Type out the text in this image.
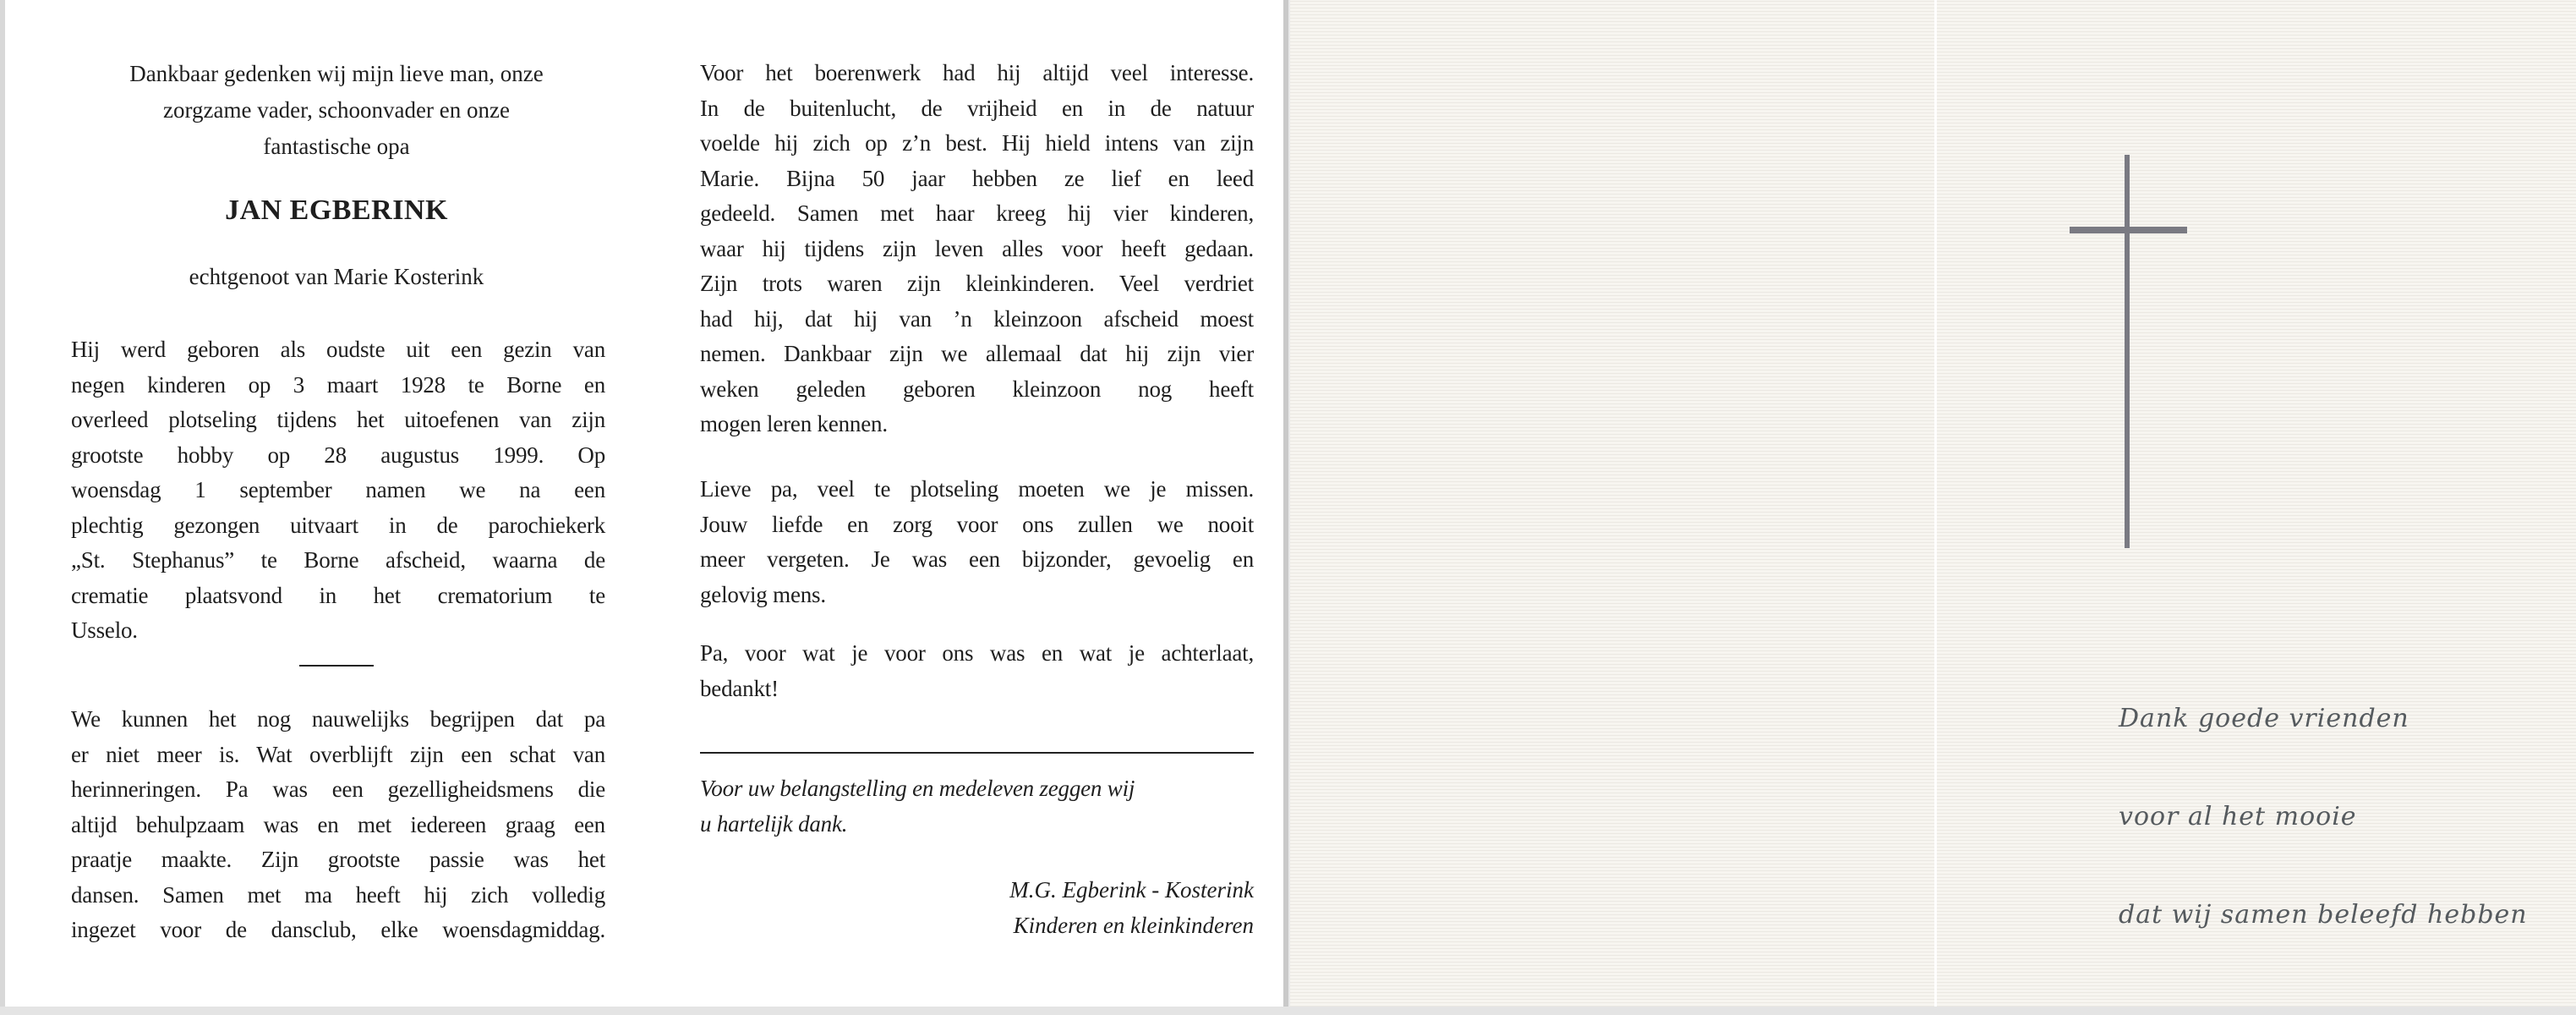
Dankbaar gedenken wij mijn lieve man, onze
zorgzame vader, schoonvader en onze
fantastische opa
JAN EGBERINK
echtgenoot van Marie Kosterink
Hij werd geboren als oudste uit een gezin van
negen kinderen op 3 maart 1928 te Borne en
overleed plotseling tijdens het uitoefenen van zijn
grootste hobby op 28 augustus 1999. Op
woensdag 1 september namen we na een
plechtig gezongen uitvaart in de parochiekerk
„St. Stephanus” te Borne afscheid, waarna de
crematie plaatsvond in het crematorium te
Usselo.
We kunnen het nog nauwelijks begrijpen dat pa
er niet meer is. Wat overblijft zijn een schat van
herinneringen. Pa was een gezelligheidsmens die
altijd behulpzaam was en met iedereen graag een
praatje maakte. Zijn grootste passie was het
dansen. Samen met ma heeft hij zich volledig
ingezet voor de dansclub, elke woensdagmiddag.
Voor het boerenwerk had hij altijd veel interesse.
In de buitenlucht, de vrijheid en in de natuur
voelde hij zich op z’n best. Hij hield intens van zijn
Marie. Bijna 50 jaar hebben ze lief en leed
gedeeld. Samen met haar kreeg hij vier kinderen,
waar hij tijdens zijn leven alles voor heeft gedaan.
Zijn trots waren zijn kleinkinderen. Veel verdriet
had hij, dat hij van ’n kleinzoon afscheid moest
nemen. Dankbaar zijn we allemaal dat hij zijn vier
weken geleden geboren kleinzoon nog heeft
mogen leren kennen.
Lieve pa, veel te plotseling moeten we je missen.
Jouw liefde en zorg voor ons zullen we nooit
meer vergeten. Je was een bijzonder, gevoelig en
gelovig mens.
Pa, voor wat je voor ons was en wat je achterlaat,
bedankt!
Voor uw belangstelling en medeleven zeggen wij
u hartelijk dank.
M.G. Egberink - Kosterink
Kinderen en kleinkinderen
Dank goede vrienden
voor al het mooie
dat wij samen beleefd hebben
